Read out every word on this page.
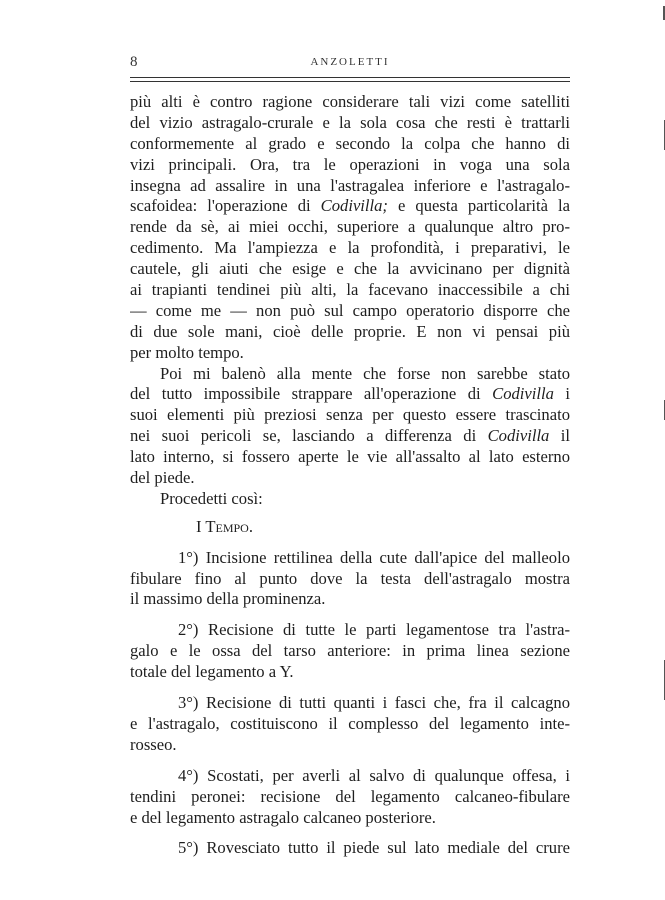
8	ANZOLETTI
più alti è contro ragione considerare tali vizi come satelliti
del vizio astragalo-crurale e la sola cosa che resti è trattarli
conformemente al grado e secondo la colpa che hanno di
vizi principali. Ora, tra le operazioni in voga una sola
insegna ad assalire in una l'astragalea inferiore e l'astragalo-
scafoidea: l'operazione di Codivilla; e questa particolarità la
rende da sè, ai miei occhi, superiore a qualunque altro pro-
cedimento. Ma l'ampiezza e la profondità, i preparativi, le
cautele, gli aiuti che esige e che la avvicinano per dignità
ai trapianti tendinei più alti, la facevano inaccessibile a chi
— come me — non può sul campo operatorio disporre che
di due sole mani, cioè delle proprie. E non vi pensai più
per molto tempo.
Poi mi balenò alla mente che forse non sarebbe stato
del tutto impossibile strappare all'operazione di Codivilla i
suoi elementi più preziosi senza per questo essere trascinato
nei suoi pericoli se, lasciando a differenza di Codivilla il
lato interno, si fossero aperte le vie all'assalto al lato esterno
del piede.
Procedetti così:
I Tempo.
1°) Incisione rettilinea della cute dall'apice del malleolo
fibulare fino al punto dove la testa dell'astragalo mostra
il massimo della prominenza.
2°) Recisione di tutte le parti legamentose tra l'astra-
galo e le ossa del tarso anteriore: in prima linea sezione
totale del legamento a Y.
3°) Recisione di tutti quanti i fasci che, fra il calcagno
e l'astragalo, costituiscono il complesso del legamento inte-
rosseo.
4°) Scostati, per averli al salvo di qualunque offesa, i
tendini peronei: recisione del legamento calcaneo-fibulare
e del legamento astragalo calcaneo posteriore.
5°) Rovesciato tutto il piede sul lato mediale del crure
